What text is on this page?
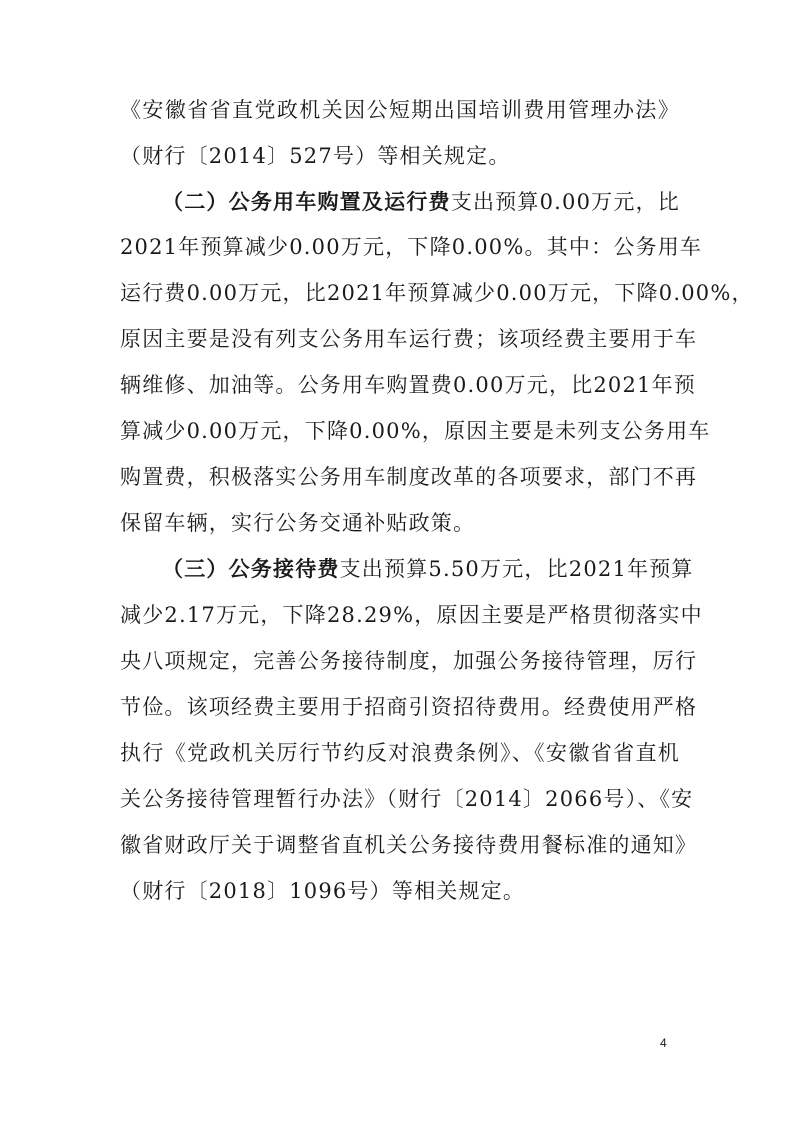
《安徽省省直党政机关因公短期出国培训费用管理办法》
（财行〔2014〕527号）等相关规定。
（二）公务用车购置及运行费支出预算0.00万元，比
2021年预算减少0.00万元，下降0.00%。其中：公务用车
运行费0.00万元，比2021年预算减少0.00万元，下降0.00%，
原因主要是没有列支公务用车运行费；该项经费主要用于车
辆维修、加油等。公务用车购置费0.00万元，比2021年预
算减少0.00万元，下降0.00%，原因主要是未列支公务用车
购置费，积极落实公务用车制度改革的各项要求，部门不再
保留车辆，实行公务交通补贴政策。
（三）公务接待费支出预算5.50万元，比2021年预算
减少2.17万元，下降28.29%，原因主要是严格贯彻落实中
央八项规定，完善公务接待制度，加强公务接待管理，厉行
节俭。该项经费主要用于招商引资招待费用。经费使用严格
执行《党政机关厉行节约反对浪费条例》、《安徽省省直机
关公务接待管理暂行办法》（财行〔2014〕2066号）、《安
徽省财政厅关于调整省直机关公务接待费用餐标准的通知》
（财行〔2018〕1096号）等相关规定。
4
